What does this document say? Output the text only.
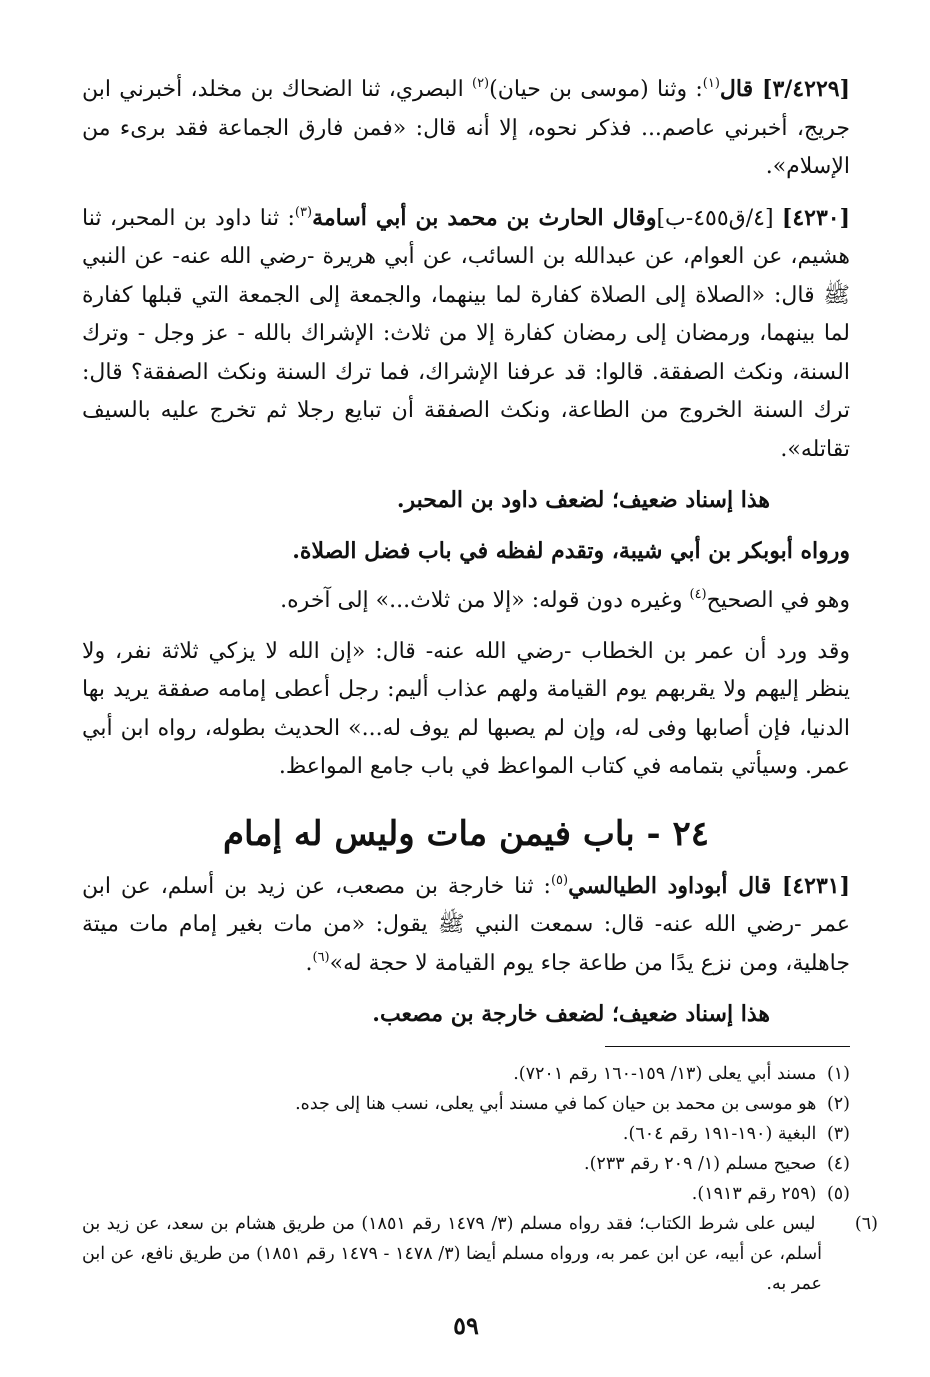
[٣/٤٢٢٩] قال$^{(١)}$: وثنا (موسى بن حيان)$^{(٢)}$ البصري، ثنا الضحاك بن مخلد، أخبرني ابن جريج، أخبرني عاصم... فذكر نحوه، إلا أنه قال: «فمن فارق الجماعة فقد برىء من الإسلام».

[٤٢٣٠] [٤/ق٤٥٥-ب]وقال الحارث بن محمد بن أبي أسامة$^{(٣)}$: ثنا داود بن المحبر، ثنا هشيم، عن العوام، عن عبدالله بن السائب، عن أبي هريرة -رضي الله عنه- عن النبي ﷺ قال: «الصلاة إلى الصلاة كفارة لما بينهما، والجمعة إلى الجمعة التي قبلها كفارة لما بينهما، ورمضان إلى رمضان كفارة إلا من ثلاث: الإشراك بالله - عز وجل - وترك السنة، ونكث الصفقة. قالوا: قد عرفنا الإشراك، فما ترك السنة ونكث الصفقة؟ قال: ترك السنة الخروج من الطاعة، ونكث الصفقة أن تبايع رجلا ثم تخرج عليه بالسيف تقاتله».

هذا إسناد ضعيف؛ لضعف داود بن المحبر.

ورواه أبوبكر بن أبي شيبة، وتقدم لفظه في باب فضل الصلاة.

وهو في الصحيح$^{(٤)}$ وغيره دون قوله: «إلا من ثلاث...» إلى آخره.

وقد ورد أن عمر بن الخطاب -رضي الله عنه- قال: «إن الله لا يزكي ثلاثة نفر، ولا ينظر إليهم ولا يقربهم يوم القيامة ولهم عذاب أليم: رجل أعطى إمامه صفقة يريد بها الدنيا، فإن أصابها وفى له، وإن لم يصبها لم يوف له...» الحديث بطوله، رواه ابن أبي عمر. وسيأتي بتمامه في كتاب المواعظ في باب جامع المواعظ.

٢٤ - باب فيمن مات وليس له إمام

[٤٢٣١] قال أبوداود الطيالسي$^{(٥)}$: ثنا خارجة بن مصعب، عن زيد بن أسلم، عن ابن عمر -رضي الله عنه- قال: سمعت النبي ﷺ يقول: «من مات بغير إمام مات ميتة جاهلية، ومن نزع يدًا من طاعة جاء يوم القيامة لا حجة له»$^{(٦)}$.

هذا إسناد ضعيف؛ لضعف خارجة بن مصعب.

(١) مسند أبي يعلى (١٣/ ١٥٩-١٦٠ رقم ٧٢٠١).

(٢) هو موسى بن محمد بن حيان كما في مسند أبي يعلى، نسب هنا إلى جده.

(٣) البغية (١٩٠-١٩١ رقم ٦٠٤).

(٤) صحيح مسلم (١/ ٢٠٩ رقم ٢٣٣).

(٥) (٢٥٩ رقم ١٩١٣).

(٦) ليس على شرط الكتاب؛ فقد رواه مسلم (٣/ ١٤٧٩ رقم ١٨٥١) من طريق هشام بن سعد، عن زيد بن أسلم، عن أبيه، عن ابن عمر به، ورواه مسلم أيضا (٣/ ١٤٧٨ - ١٤٧٩ رقم ١٨٥١) من طريق نافع، عن ابن عمر به.

٥٩
